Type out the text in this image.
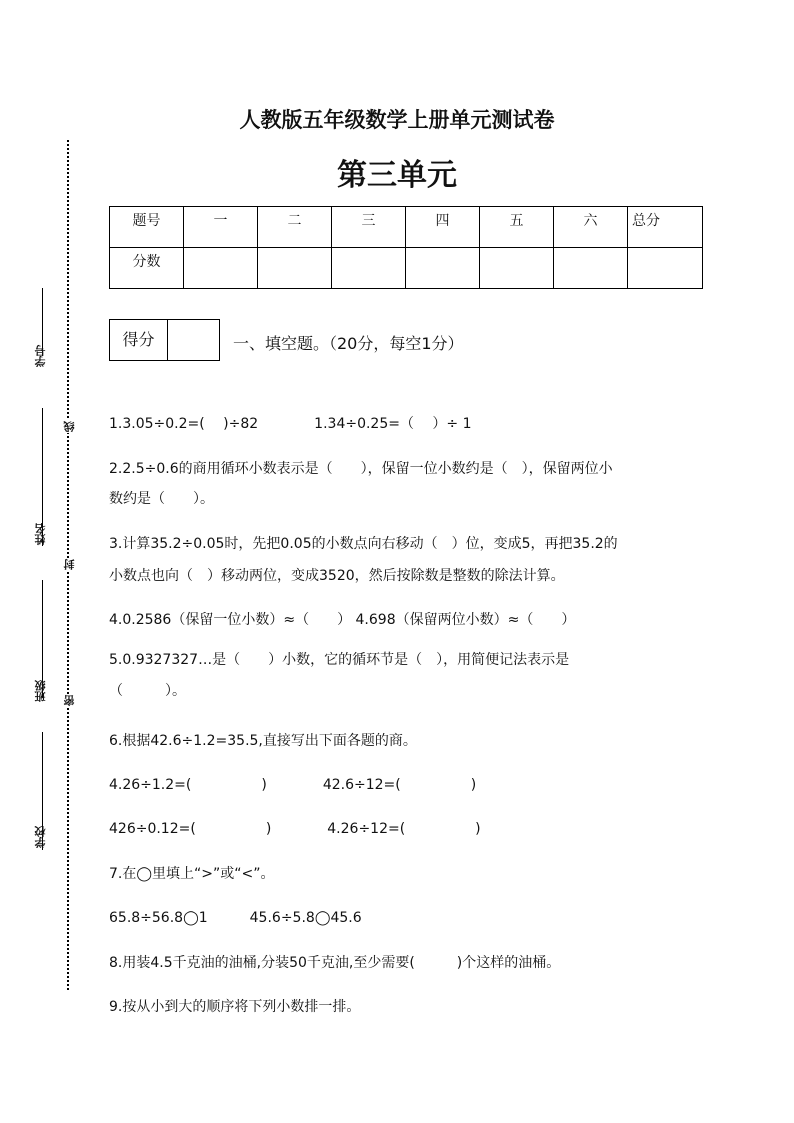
学号
姓名
班级
学校
线
封
密
人教版五年级数学上册单元测试卷
第三单元
题号	一	二	三	四	五	六	总分
分数							
得分	一、填空题。（20分，每空1分）
1.3.05÷0.2=(　 )÷82　　　　1.34÷0.25=（ 　）÷ 1
2.2.5÷0.6的商用循环小数表示是（　　），保留一位小数约是（　），保留两位小
数约是（　　）。
3.计算35.2÷0.05时，先把0.05的小数点向右移动（　）位，变成5，再把35.2的
小数点也向（　）移动两位，变成3520，然后按除数是整数的除法计算。
4.0.2586（保留一位小数）≈（　　） 4.698（保留两位小数）≈（　　）
5.0.9327327…是（　　）小数，它的循环节是（　），用简便记法表示是
（　　　）。
6.根据42.6÷1.2=35.5,直接写出下面各题的商。
4.26÷1.2=(　　　　　)　　　　42.6÷12=(　　　　　)
426÷0.12=(　　　　　)　　　　4.26÷12=(　　　　　)
7.在◯里填上“>”或“<”。
65.8÷56.8◯1　　　45.6÷5.8◯45.6
8.用装4.5千克油的油桶,分装50千克油,至少需要(　　　)个这样的油桶。
9.按从小到大的顺序将下列小数排一排。
